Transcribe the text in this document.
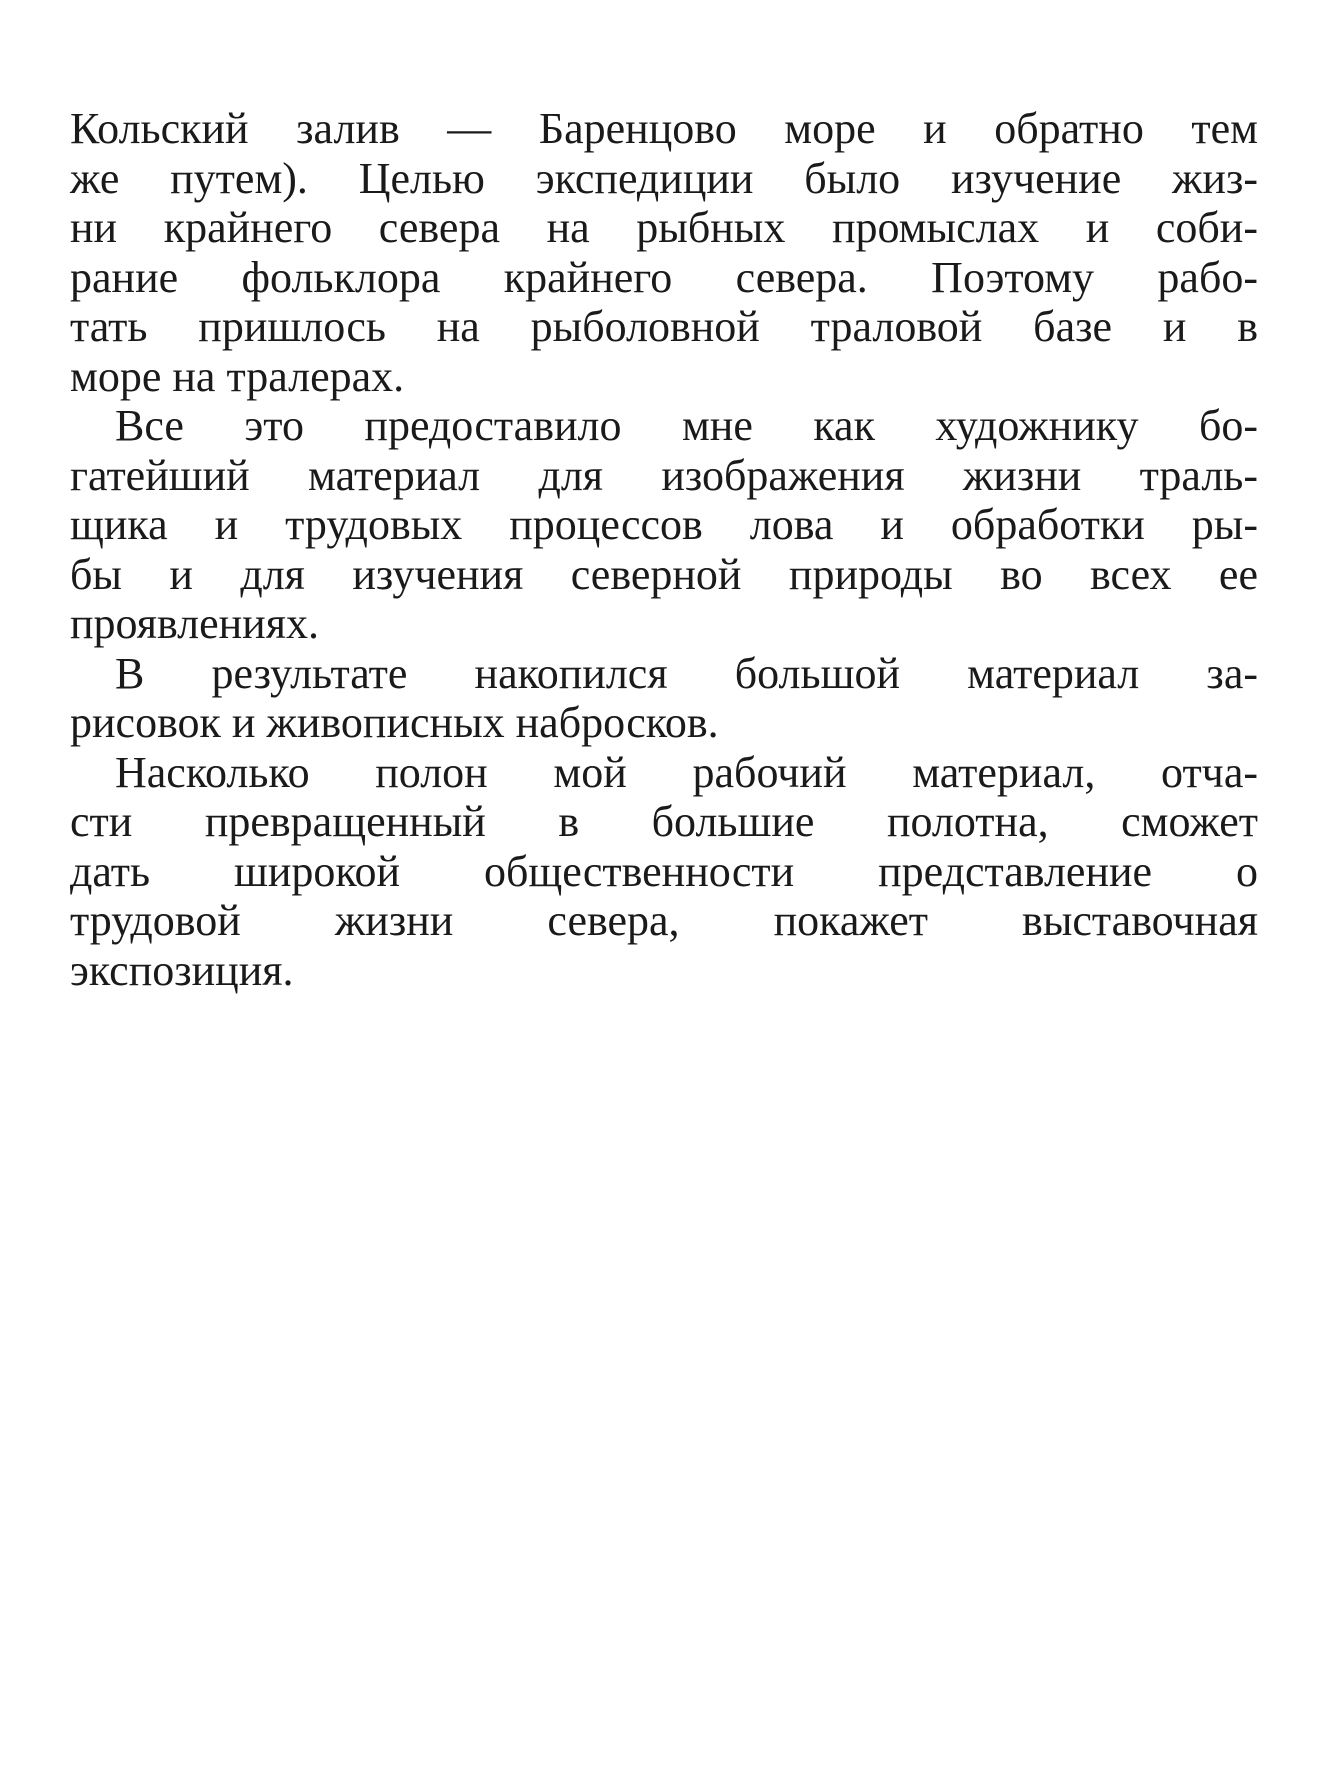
Кольский залив — Баренцово море и обратно тем
же путем). Целью экспедиции было изучение жиз-
ни крайнего севера на рыбных промыслах и соби-
рание фольклора крайнего севера. Поэтому рабо-
тать пришлось на рыболовной траловой базе и в
море на тралерах.
Все это предоставило мне как художнику бо-
гатейший материал для изображения жизни траль-
щика и трудовых процессов лова и обработки ры-
бы и для изучения северной природы во всех ее
проявлениях.
В результате накопился большой материал за-
рисовок и живописных набросков.
Насколько полон мой рабочий материал, отча-
сти превращенный в большие полотна, сможет
дать широкой общественности представление о
трудовой жизни севера, покажет выставочная
экспозиция.
